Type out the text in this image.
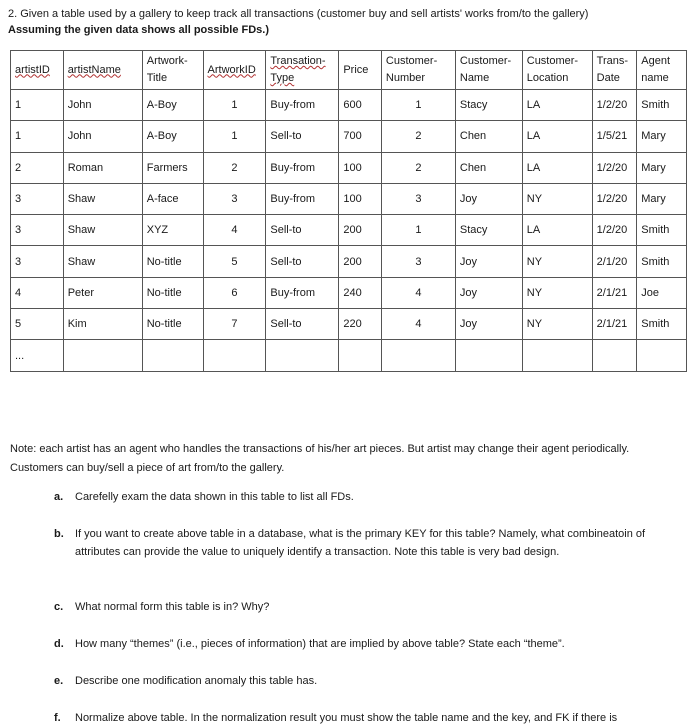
2. Given a table used by a gallery to keep track all transactions (customer buy and sell artists' works from/to the gallery)
Assuming the given data shows all possible FDs.)
artistID	artistName	Artwork-Title	ArtworkID	Transation-Type	Price	Customer-Number	Customer-Name	Customer-Location	Trans-Date	Agent name
1	John	A-Boy	1	Buy-from	600	1	Stacy	LA	1/2/20	Smith
1	John	A-Boy	1	Sell-to	700	2	Chen	LA	1/5/21	Mary
2	Roman	Farmers	2	Buy-from	100	2	Chen	LA	1/2/20	Mary
3	Shaw	A-face	3	Buy-from	100	3	Joy	NY	1/2/20	Mary
3	Shaw	XYZ	4	Sell-to	200	1	Stacy	LA	1/2/20	Smith
3	Shaw	No-title	5	Sell-to	200	3	Joy	NY	2/1/20	Smith
4	Peter	No-title	6	Buy-from	240	4	Joy	NY	2/1/21	Joe
5	Kim	No-title	7	Sell-to	220	4	Joy	NY	2/1/21	Smith
...										
Note: each artist has an agent who handles the transactions of his/her art pieces. But artist may change their agent periodically. Customers can buy/sell a piece of art from/to the gallery.
a.	Carefelly exam the data shown in this table to list all FDs.
b.	If you want to create above table in a database, what is the primary KEY for this table? Namely, what combineatoin of attributes can provide the value to uniquely identify a transaction. Note this table is very bad design.
c.	What normal form this table is in? Why?
d.	How many “themes” (i.e., pieces of information) that are implied by above table? State each “theme”.
e.	Describe one modification anomaly this table has.
f.	Normalize above table. In the normalization result you must show the table name and the key, and FK if there is
